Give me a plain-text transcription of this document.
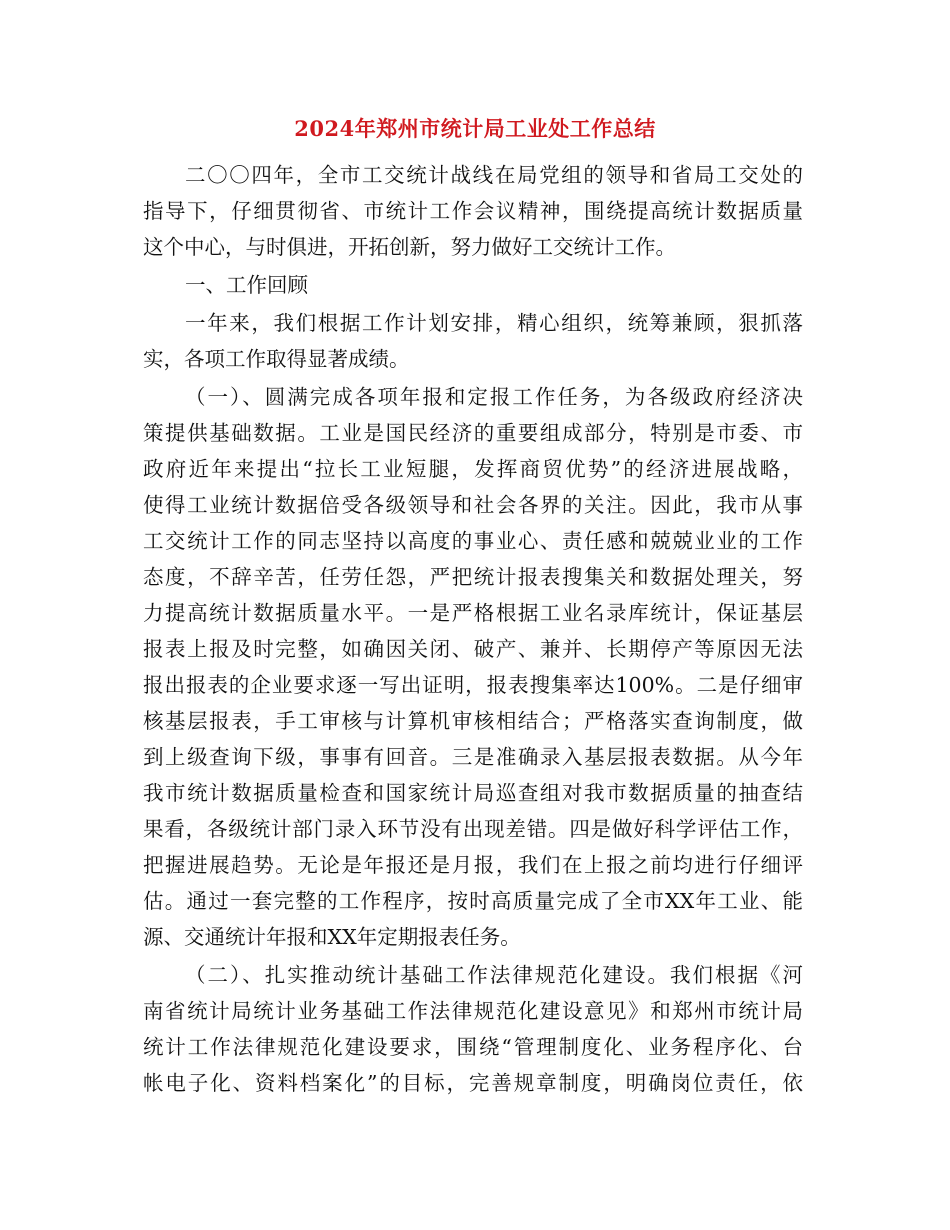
2024年郑州市统计局工业处工作总结
二〇〇四年，全市工交统计战线在局党组的领导和省局工交处的
指导下，仔细贯彻省、市统计工作会议精神，围绕提高统计数据质量
这个中心，与时俱进，开拓创新，努力做好工交统计工作。
一、工作回顾
一年来，我们根据工作计划安排，精心组织，统筹兼顾，狠抓落
实，各项工作取得显著成绩。
（一）、圆满完成各项年报和定报工作任务，为各级政府经济决
策提供基础数据。工业是国民经济的重要组成部分，特别是市委、市
政府近年来提出“拉长工业短腿，发挥商贸优势”的经济进展战略，
使得工业统计数据倍受各级领导和社会各界的关注。因此，我市从事
工交统计工作的同志坚持以高度的事业心、责任感和兢兢业业的工作
态度，不辞辛苦，任劳任怨，严把统计报表搜集关和数据处理关，努
力提高统计数据质量水平。一是严格根据工业名录库统计，保证基层
报表上报及时完整，如确因关闭、破产、兼并、长期停产等原因无法
报出报表的企业要求逐一写出证明，报表搜集率达100%。二是仔细审
核基层报表，手工审核与计算机审核相结合；严格落实查询制度，做
到上级查询下级，事事有回音。三是准确录入基层报表数据。从今年
我市统计数据质量检查和国家统计局巡查组对我市数据质量的抽查结
果看，各级统计部门录入环节没有出现差错。四是做好科学评估工作，
把握进展趋势。无论是年报还是月报，我们在上报之前均进行仔细评
估。通过一套完整的工作程序，按时高质量完成了全市XX年工业、能
源、交通统计年报和XX年定期报表任务。
（二）、扎实推动统计基础工作法律规范化建设。我们根据《河
南省统计局统计业务基础工作法律规范化建设意见》和郑州市统计局
统计工作法律规范化建设要求，围绕“管理制度化、业务程序化、台
帐电子化、资料档案化”的目标，完善规章制度，明确岗位责任，依
